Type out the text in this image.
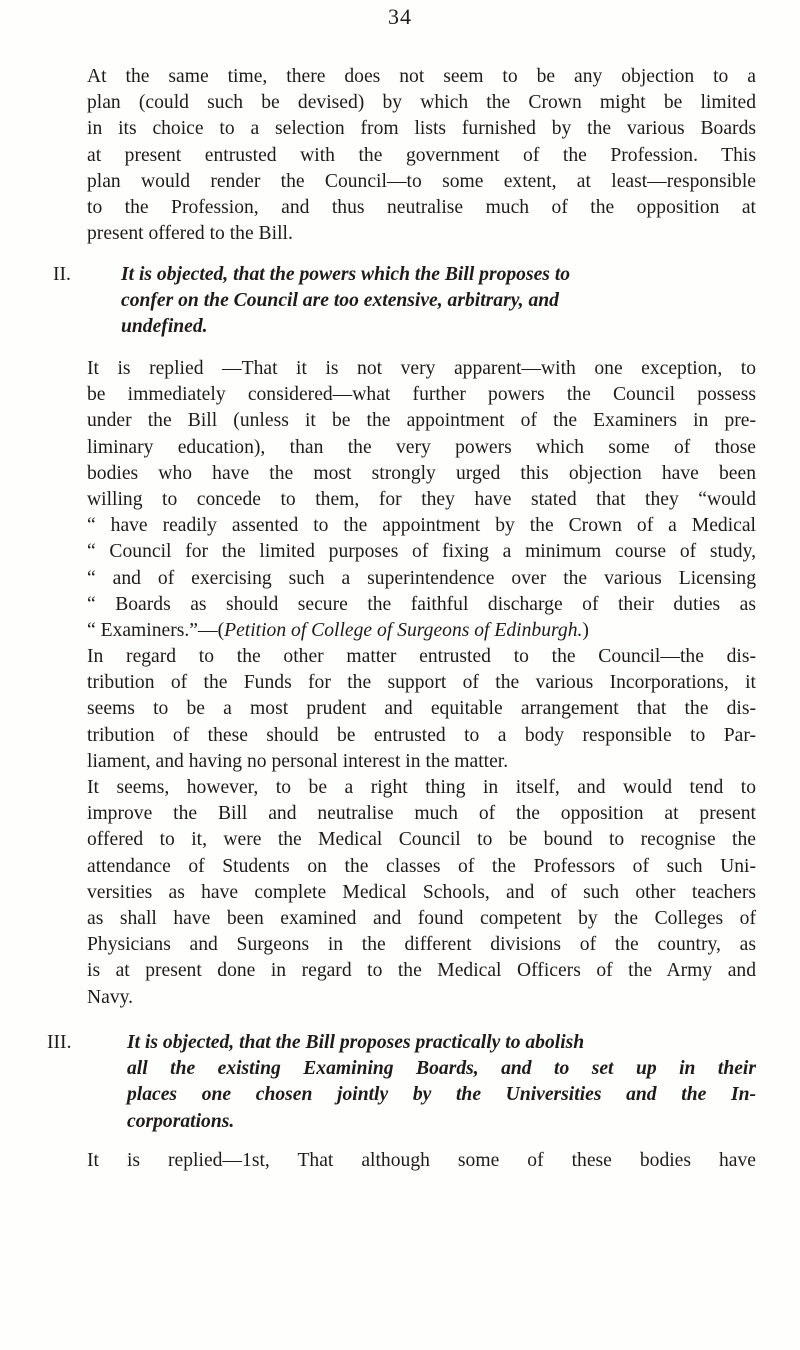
34

At the same time, there does not seem to be any objection to a
plan (could such be devised) by which the Crown might be limited
in its choice to a selection from lists furnished by the various Boards
at present entrusted with the government of the Profession. This
plan would render the Council—to some extent, at least—responsible
to the Profession, and thus neutralise much of the opposition at
present offered to the Bill.

II.	It is objected, that the powers which the Bill proposes to
confer on the Council are too extensive, arbitrary, and
undefined.

It is replied —That it is not very apparent—with one exception, to
be immediately considered—what further powers the Council possess
under the Bill (unless it be the appointment of the Examiners in pre-
liminary education), than the very powers which some of those
bodies who have the most strongly urged this objection have been
willing to concede to them, for they have stated that they “would
“ have readily assented to the appointment by the Crown of a Medical
“ Council for the limited purposes of fixing a minimum course of study,
“ and of exercising such a superintendence over the various Licensing
“ Boards as should secure the faithful discharge of their duties as
“ Examiners.”—(Petition of College of Surgeons of Edinburgh.)

In regard to the other matter entrusted to the Council—the dis-
tribution of the Funds for the support of the various Incorporations, it
seems to be a most prudent and equitable arrangement that the dis-
tribution of these should be entrusted to a body responsible to Par-
liament, and having no personal interest in the matter.

It seems, however, to be a right thing in itself, and would tend to
improve the Bill and neutralise much of the opposition at present
offered to it, were the Medical Council to be bound to recognise the
attendance of Students on the classes of the Professors of such Uni-
versities as have complete Medical Schools, and of such other teachers
as shall have been examined and found competent by the Colleges of
Physicians and Surgeons in the different divisions of the country, as
is at present done in regard to the Medical Officers of the Army and
Navy.

III.	It is objected, that the Bill proposes practically to abolish
all the existing Examining Boards, and to set up in their
places one chosen jointly by the Universities and the In-
corporations.

It is replied—1st, That although some of these bodies have
